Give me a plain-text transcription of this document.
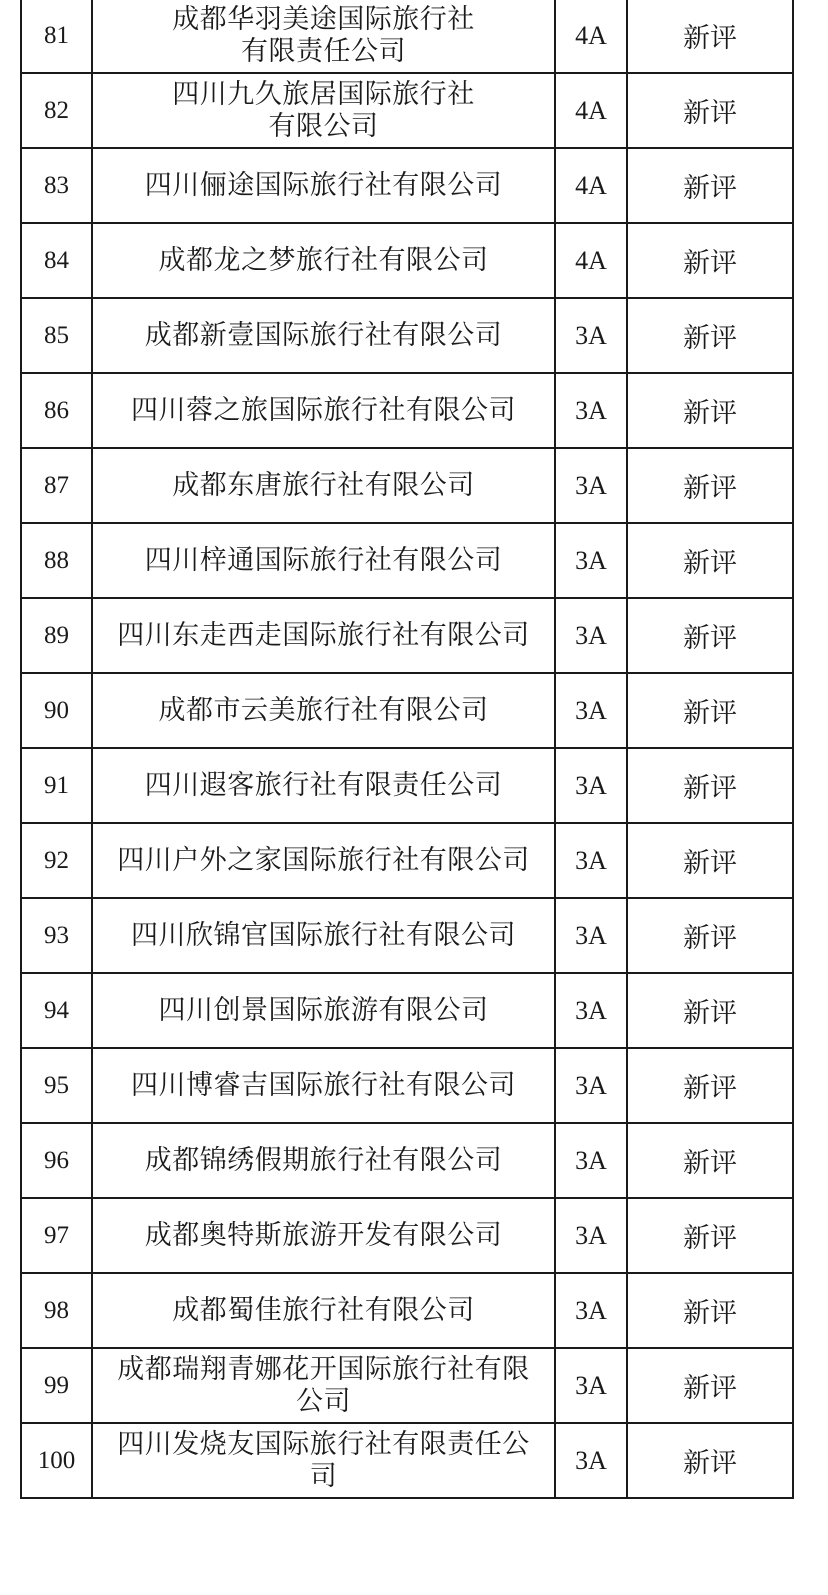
81	成都华羽美途国际旅行社
有限责任公司	4A	新评
82	四川九久旅居国际旅行社
有限公司	4A	新评
83	四川俪途国际旅行社有限公司	4A	新评
84	成都龙之梦旅行社有限公司	4A	新评
85	成都新壹国际旅行社有限公司	3A	新评
86	四川蓉之旅国际旅行社有限公司	3A	新评
87	成都东唐旅行社有限公司	3A	新评
88	四川梓通国际旅行社有限公司	3A	新评
89	四川东走西走国际旅行社有限公司	3A	新评
90	成都市云美旅行社有限公司	3A	新评
91	四川遐客旅行社有限责任公司	3A	新评
92	四川户外之家国际旅行社有限公司	3A	新评
93	四川欣锦官国际旅行社有限公司	3A	新评
94	四川创景国际旅游有限公司	3A	新评
95	四川博睿吉国际旅行社有限公司	3A	新评
96	成都锦绣假期旅行社有限公司	3A	新评
97	成都奥特斯旅游开发有限公司	3A	新评
98	成都蜀佳旅行社有限公司	3A	新评
99	成都瑞翔青娜花开国际旅行社有限
公司	3A	新评
100	四川发烧友国际旅行社有限责任公
司	3A	新评
